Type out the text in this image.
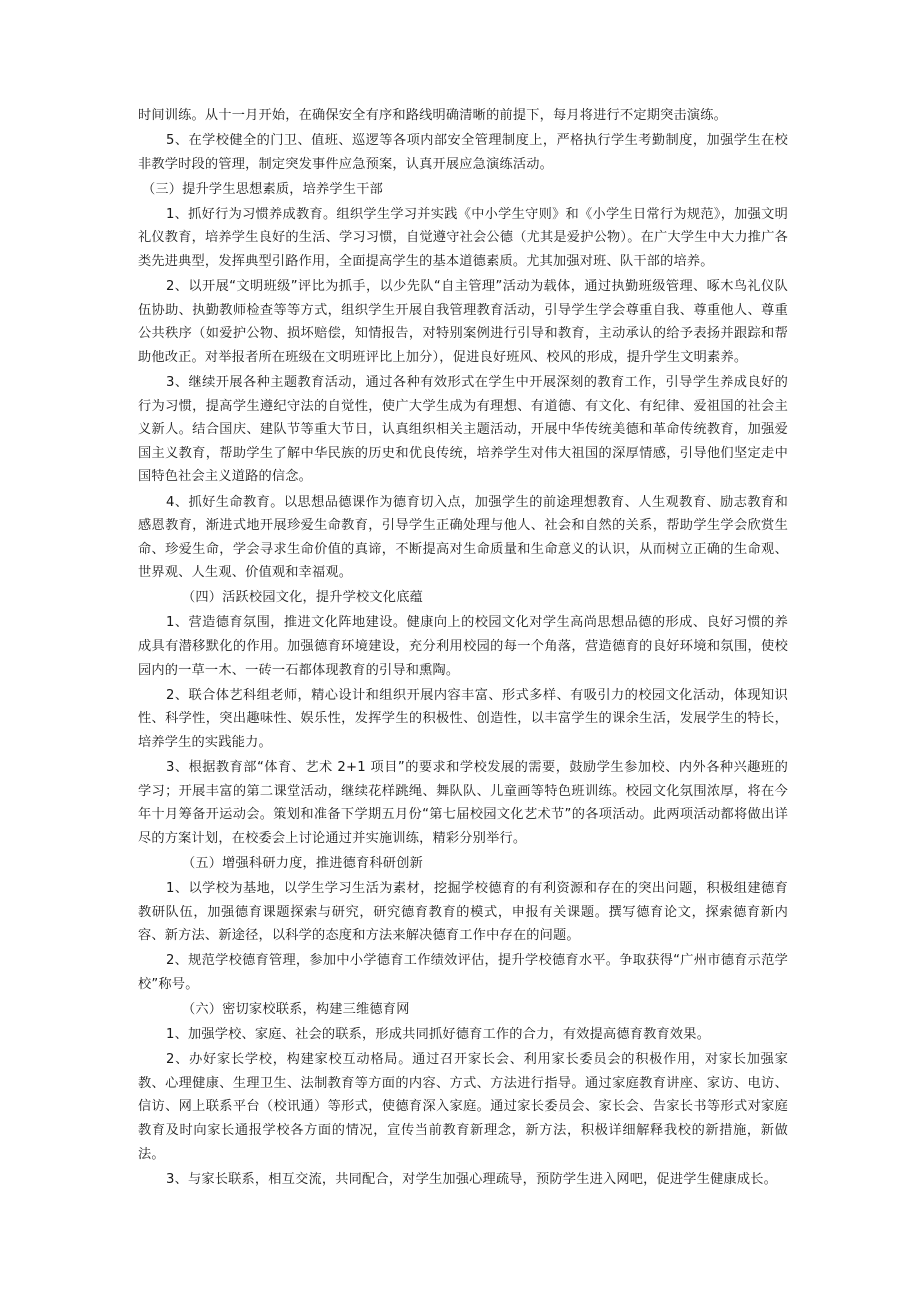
时间训练。从十一月开始，在确保安全有序和路线明确清晰的前提下，每月将进行不定期突击演练。

5、在学校健全的门卫、值班、巡逻等各项内部安全管理制度上，严格执行学生考勤制度，加强学生在校非教学时段的管理，制定突发事件应急预案，认真开展应急演练活动。

（三）提升学生思想素质，培养学生干部

1、抓好行为习惯养成教育。组织学生学习并实践《中小学生守则》和《小学生日常行为规范》，加强文明礼仪教育，培养学生良好的生活、学习习惯，自觉遵守社会公德（尤其是爱护公物）。在广大学生中大力推广各类先进典型，发挥典型引路作用，全面提高学生的基本道德素质。尤其加强对班、队干部的培养。

2、以开展“文明班级”评比为抓手，以少先队“自主管理”活动为载体，通过执勤班级管理、啄木鸟礼仪队伍协助、执勤教师检查等等方式，组织学生开展自我管理教育活动，引导学生学会尊重自我、尊重他人、尊重公共秩序（如爱护公物、损坏赔偿，知情报告，对特别案例进行引导和教育，主动承认的给予表扬并跟踪和帮助他改正。对举报者所在班级在文明班评比上加分），促进良好班风、校风的形成，提升学生文明素养。

3、继续开展各种主题教育活动，通过各种有效形式在学生中开展深刻的教育工作，引导学生养成良好的行为习惯，提高学生遵纪守法的自觉性，使广大学生成为有理想、有道德、有文化、有纪律、爱祖国的社会主义新人。结合国庆、建队节等重大节日，认真组织相关主题活动，开展中华传统美德和革命传统教育，加强爱国主义教育，帮助学生了解中华民族的历史和优良传统，培养学生对伟大祖国的深厚情感，引导他们坚定走中国特色社会主义道路的信念。

4、抓好生命教育。以思想品德课作为德育切入点，加强学生的前途理想教育、人生观教育、励志教育和感恩教育，渐进式地开展珍爱生命教育，引导学生正确处理与他人、社会和自然的关系，帮助学生学会欣赏生命、珍爱生命，学会寻求生命价值的真谛，不断提高对生命质量和生命意义的认识，从而树立正确的生命观、世界观、人生观、价值观和幸福观。

（四）活跃校园文化，提升学校文化底蕴

1、营造德育氛围，推进文化阵地建设。健康向上的校园文化对学生高尚思想品德的形成、良好习惯的养成具有潜移默化的作用。加强德育环境建设，充分利用校园的每一个角落，营造德育的良好环境和氛围，使校园内的一草一木、一砖一石都体现教育的引导和熏陶。

2、联合体艺科组老师，精心设计和组织开展内容丰富、形式多样、有吸引力的校园文化活动，体现知识性、科学性，突出趣味性、娱乐性，发挥学生的积极性、创造性，以丰富学生的课余生活，发展学生的特长，培养学生的实践能力。

3、根据教育部“体育、艺术 2+1 项目”的要求和学校发展的需要，鼓励学生参加校、内外各种兴趣班的学习；开展丰富的第二课堂活动，继续花样跳绳、舞队队、儿童画等特色班训练。校园文化氛围浓厚，将在今年十月筹备开运动会。策划和准备下学期五月份“第七届校园文化艺术节”的各项活动。此两项活动都将做出详尽的方案计划，在校委会上讨论通过并实施训练，精彩分别举行。

（五）增强科研力度，推进德育科研创新

1、以学校为基地，以学生学习生活为素材，挖掘学校德育的有利资源和存在的突出问题，积极组建德育教研队伍，加强德育课题探索与研究，研究德育教育的模式，申报有关课题。撰写德育论文，探索德育新内容、新方法、新途径，以科学的态度和方法来解决德育工作中存在的问题。

2、规范学校德育管理，参加中小学德育工作绩效评估，提升学校德育水平。争取获得“广州市德育示范学校”称号。

（六）密切家校联系，构建三维德育网

1、加强学校、家庭、社会的联系，形成共同抓好德育工作的合力，有效提高德育教育效果。

2、办好家长学校，构建家校互动格局。通过召开家长会、利用家长委员会的积极作用，对家长加强家教、心理健康、生理卫生、法制教育等方面的内容、方式、方法进行指导。通过家庭教育讲座、家访、电访、信访、网上联系平台（校讯通）等形式，使德育深入家庭。通过家长委员会、家长会、告家长书等形式对家庭教育及时向家长通报学校各方面的情况，宣传当前教育新理念，新方法，积极详细解释我校的新措施，新做法。

3、与家长联系，相互交流，共同配合，对学生加强心理疏导，预防学生进入网吧，促进学生健康成长。
